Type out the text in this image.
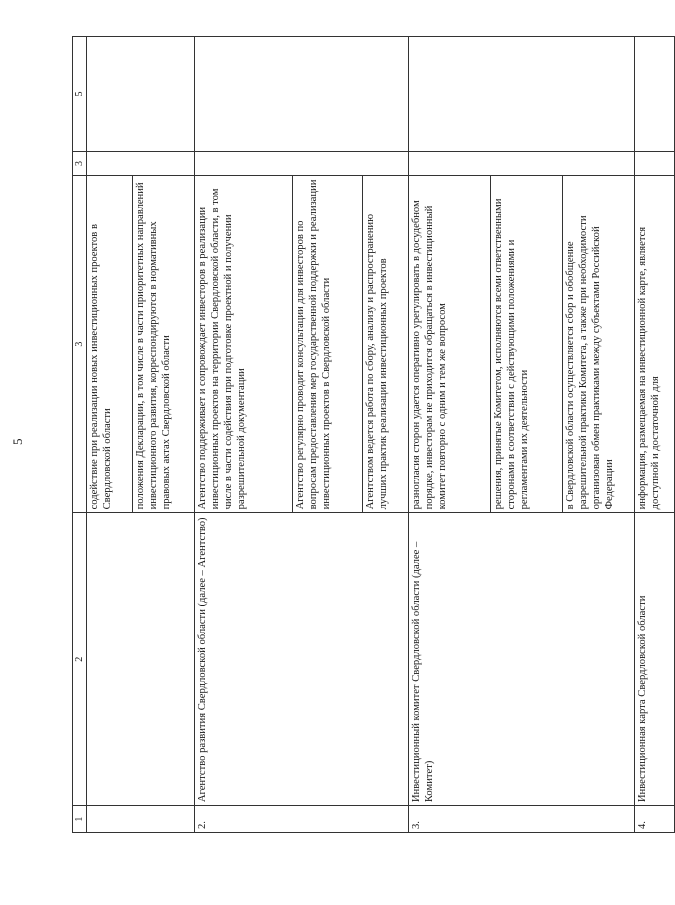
5
1	2	3	3	5
		содействие при реализации новых инвестиционных проектов в Свердловской области		
		положения Декларации, в том числе в части приоритетных направлений инвестиционного развития, корреспондируются в нормативных правовых актах Свердловской области		
2.	Агентство развития Свердловской области (далее – Агентство)	Агентство поддерживает и сопровождает инвесторов в реализации инвестиционных проектов на территории Свердловской области, в том числе в части содействия при подготовке проектной и получении разрешительной документации		
		Агентство регулярно проводит консультации для инвесторов по вопросам предоставления мер государственной поддержки и реализации инвестиционных проектов в Свердловской области		
		Агентством ведется работа по сбору, анализу и распространению лучших практик реализации инвестиционных проектов		
3.	Инвестиционный комитет Свердловской области (далее – Комитет)	разногласия сторон удается оперативно урегулировать в досудебном порядке, инвесторам не приходится обращаться в инвестиционный комитет повторно с одним и тем же вопросом		
		решения, принятые Комитетом, исполняются всеми ответственными сторонами в соответствии с действующими положениями и регламентами их деятельности		
		в Свердловской области осуществляется сбор и обобщение разрешительной практики Комитета, а также при необходимости организован обмен практиками между субъектами Российской Федерации		
4.	Инвестиционная карта Свердловской области	информация, размещаемая на инвестиционной карте, является доступной и достаточной для		
